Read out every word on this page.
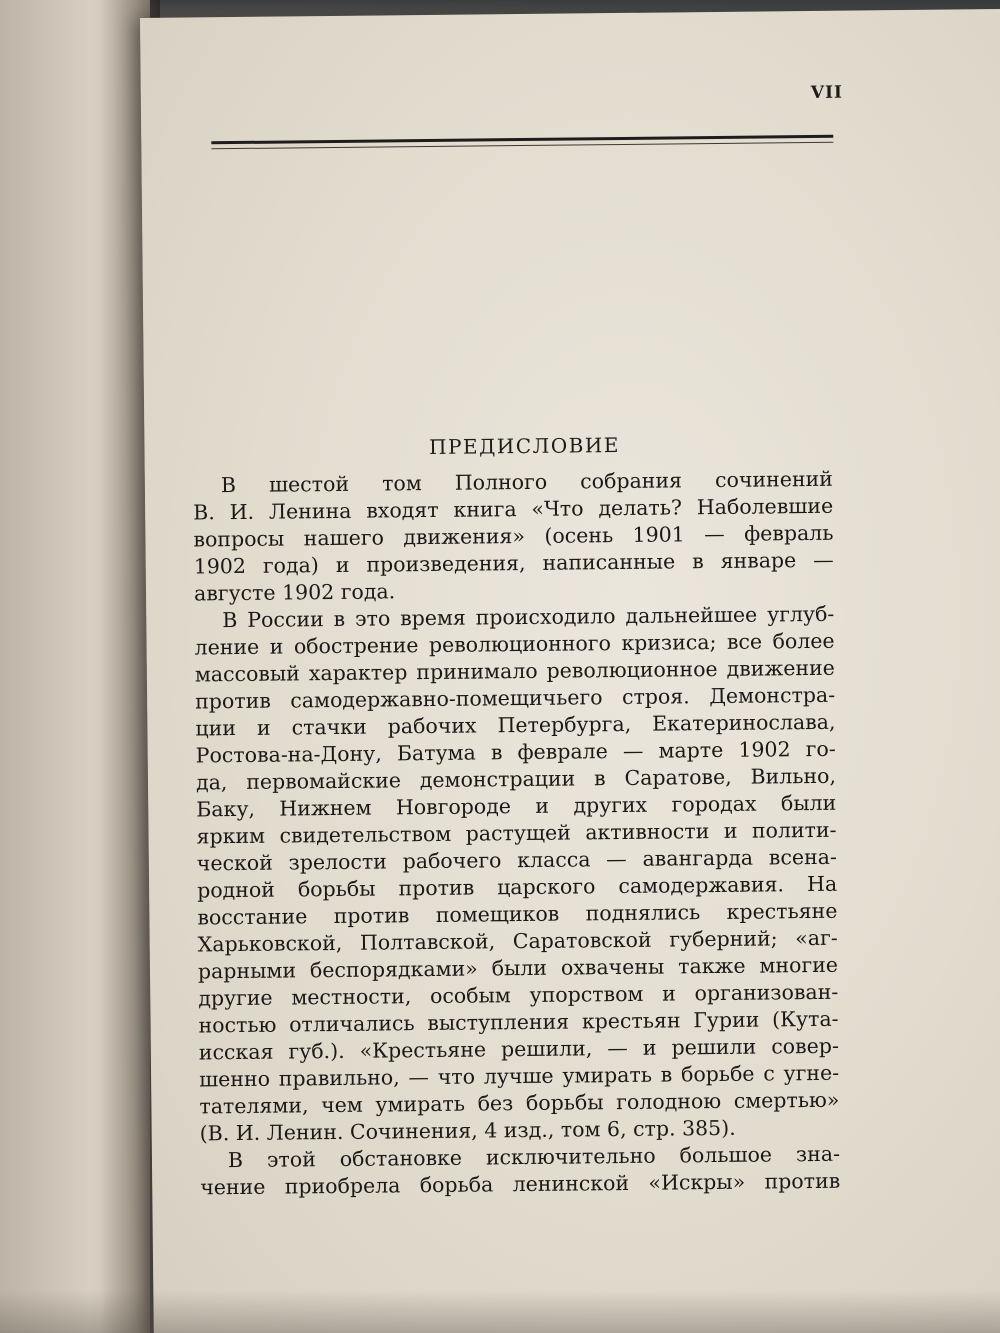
VII
ПРЕДИСЛОВИЕ
В шестой том Полного собрания сочинений
В. И. Ленина входят книга «Что делать? Наболевшие
вопросы нашего движения» (осень 1901 — февраль
1902 года) и произведения, написанные в январе —
августе 1902 года.
В России в это время происходило дальнейшее углуб-
ление и обострение революционного кризиса; все более
массовый характер принимало революционное движение
против самодержавно-помещичьего строя. Демонстра-
ции и стачки рабочих Петербурга, Екатеринослава,
Ростова-на-Дону, Батума в феврале — марте 1902 го-
да, первомайские демонстрации в Саратове, Вильно,
Баку, Нижнем Новгороде и других городах были
ярким свидетельством растущей активности и полити-
ческой зрелости рабочего класса — авангарда всена-
родной борьбы против царского самодержавия. На
восстание против помещиков поднялись крестьяне
Харьковской, Полтавской, Саратовской губерний; «аг-
рарными беспорядками» были охвачены также многие
другие местности, особым упорством и организован-
ностью отличались выступления крестьян Гурии (Кута-
исская губ.). «Крестьяне решили, — и решили совер-
шенно правильно, — что лучше умирать в борьбе с угне-
тателями, чем умирать без борьбы голодною смертью»
(В. И. Ленин. Сочинения, 4 изд., том 6, стр. 385).
В этой обстановке исключительно большое зна-
чение приобрела борьба ленинской «Искры» против
